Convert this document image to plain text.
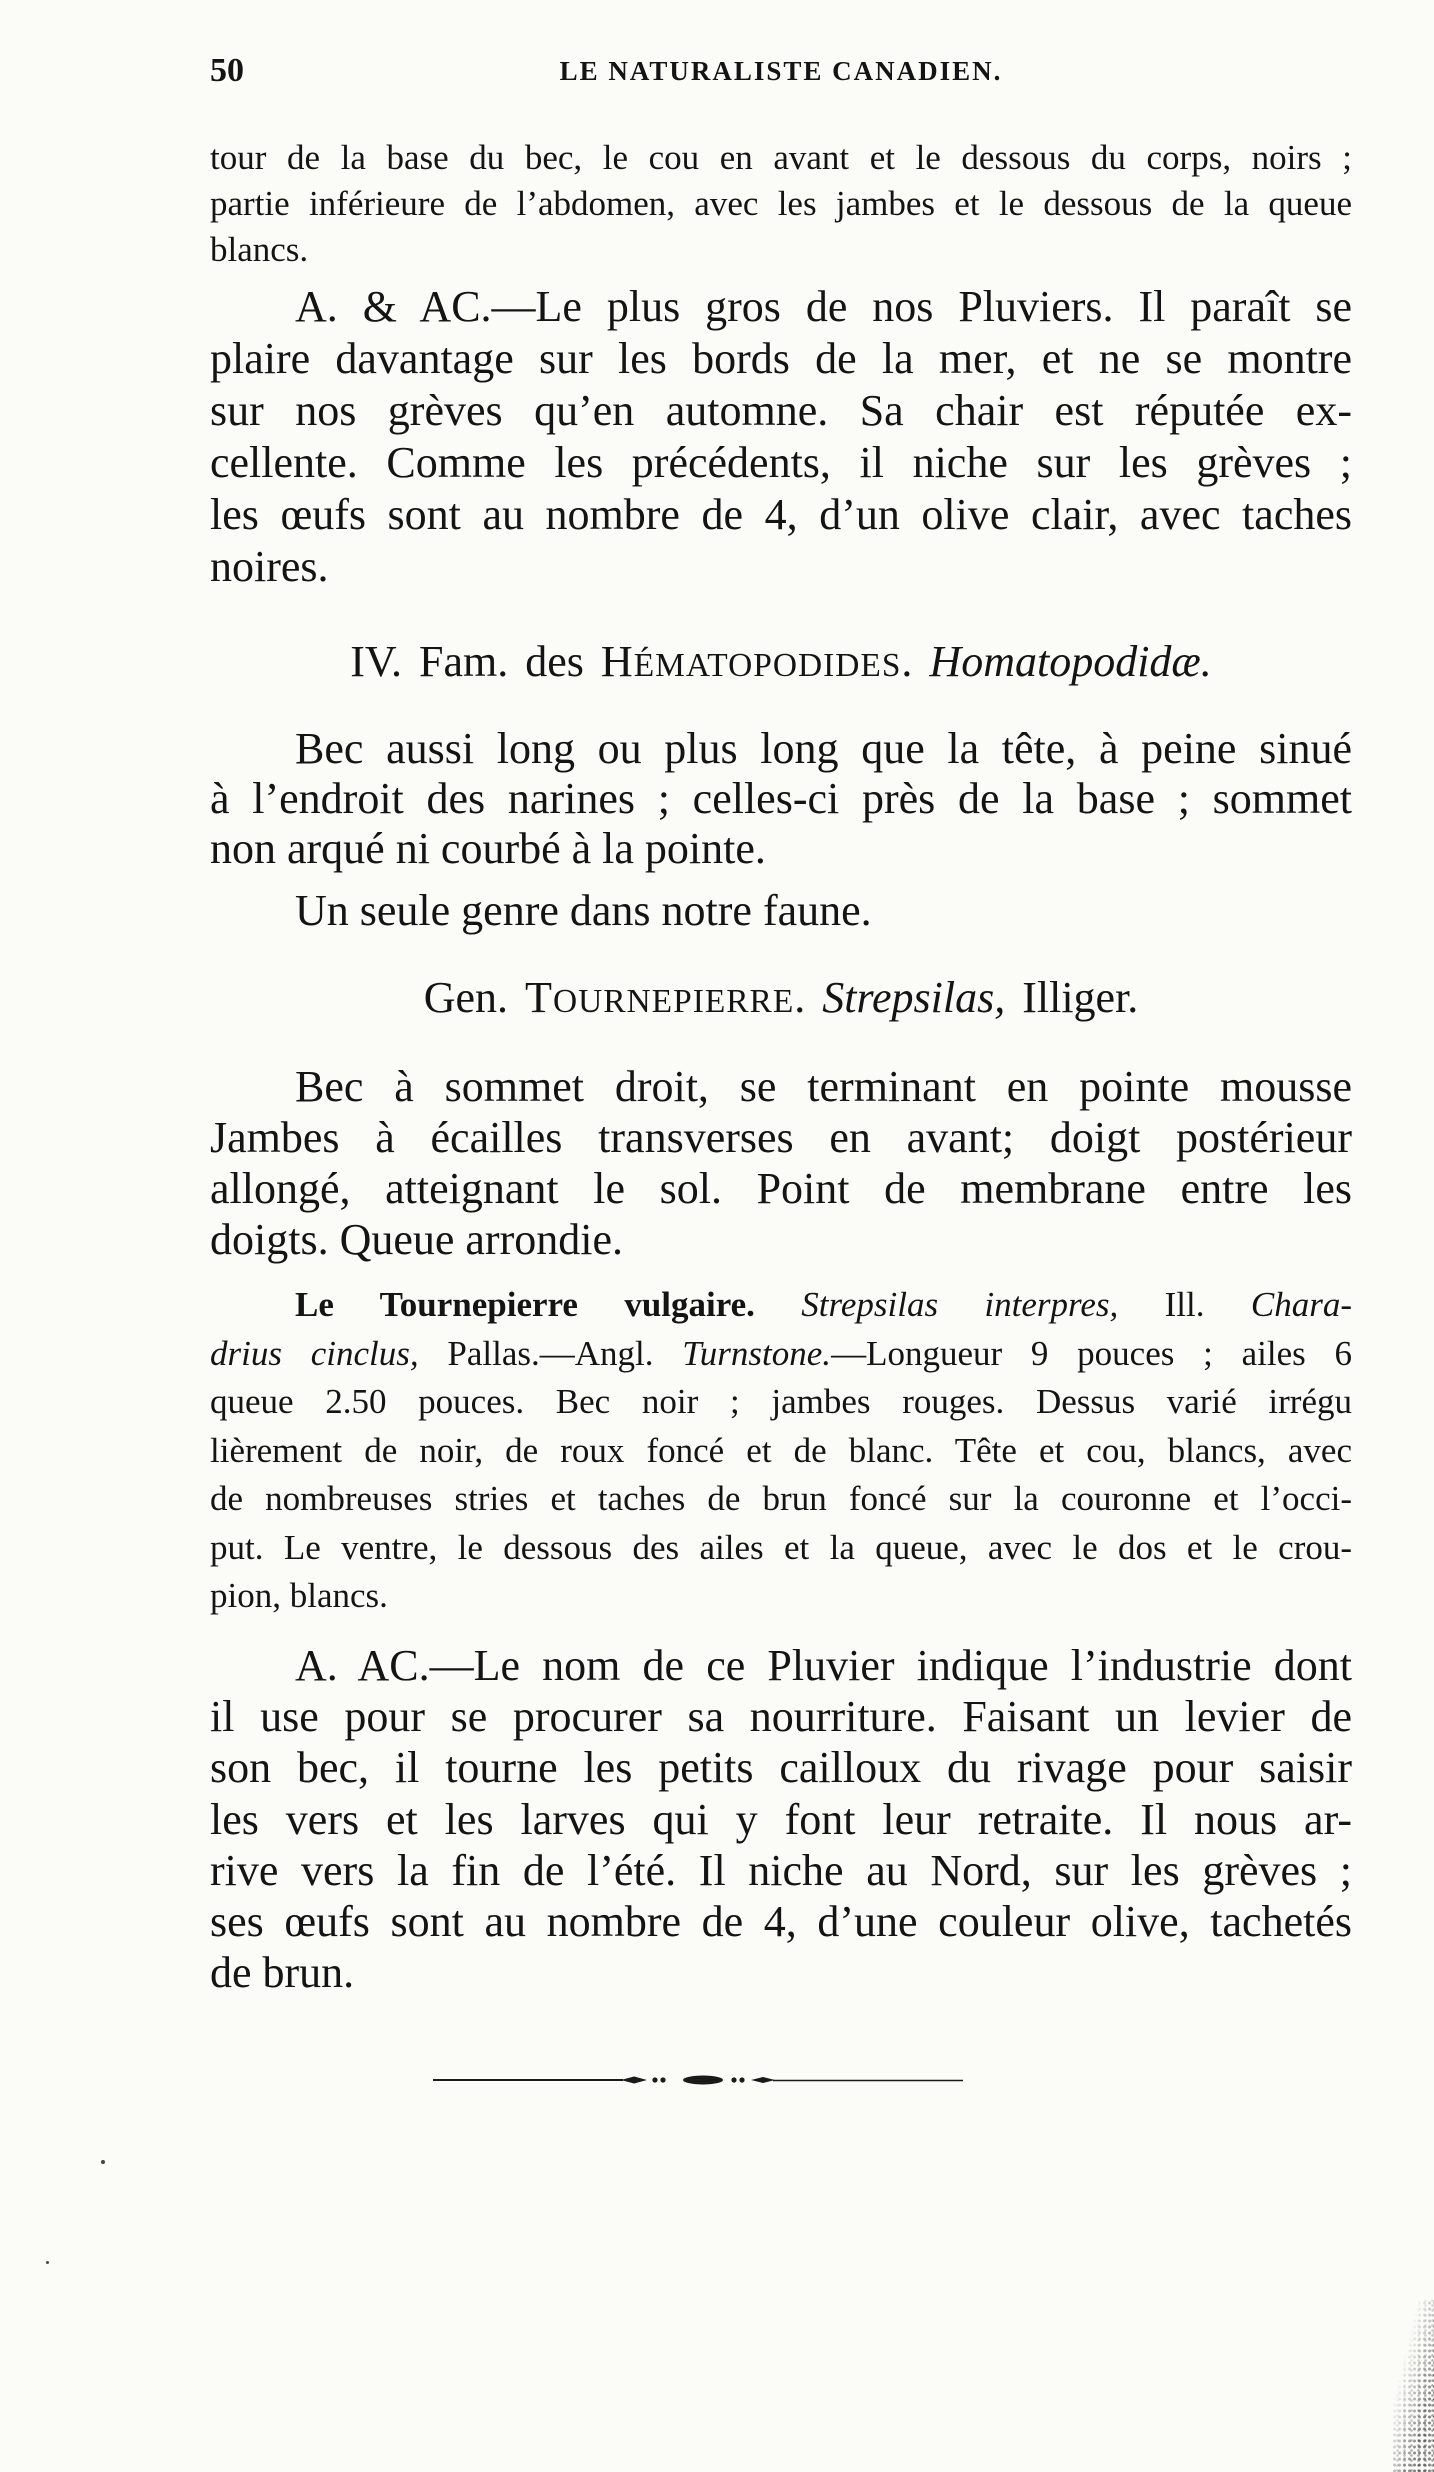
50	LE NATURALISTE CANADIEN.
tour de la base du bec, le cou en avant et le dessous du corps, noirs ;
partie inférieure de l’abdomen, avec les jambes et le dessous de la queue
blancs.
A. & AC.—Le plus gros de nos Pluviers. Il paraît se
plaire davantage sur les bords de la mer, et ne se montre
sur nos grèves qu’en automne. Sa chair est réputée ex-
cellente. Comme les précédents, il niche sur les grèves ;
les œufs sont au nombre de 4, d’un olive clair, avec taches
noires.
IV. Fam. des HÉMATOPODIDES. Homatopodidæ.
Bec aussi long ou plus long que la tête, à peine sinué
à l’endroit des narines ; celles-ci près de la base ; sommet
non arqué ni courbé à la pointe.
Un seule genre dans notre faune.
Gen. TOURNEPIERRE. Strepsilas, Illiger.
Bec à sommet droit, se terminant en pointe mousse
Jambes à écailles transverses en avant; doigt postérieur
allongé, atteignant le sol. Point de membrane entre les
doigts. Queue arrondie.
Le Tournepierre vulgaire. Strepsilas interpres, Ill. Chara-
drius cinclus, Pallas.—Angl. Turnstone.—Longueur 9 pouces ; ailes 6
queue 2.50 pouces. Bec noir ; jambes rouges. Dessus varié irrégu
lièrement de noir, de roux foncé et de blanc. Tête et cou, blancs, avec
de nombreuses stries et taches de brun foncé sur la couronne et l’occi-
put. Le ventre, le dessous des ailes et la queue, avec le dos et le crou-
pion, blancs.
A. AC.—Le nom de ce Pluvier indique l’industrie dont
il use pour se procurer sa nourriture. Faisant un levier de
son bec, il tourne les petits cailloux du rivage pour saisir
les vers et les larves qui y font leur retraite. Il nous ar-
rive vers la fin de l’été. Il niche au Nord, sur les grèves ;
ses œufs sont au nombre de 4, d’une couleur olive, tachetés
de brun.
